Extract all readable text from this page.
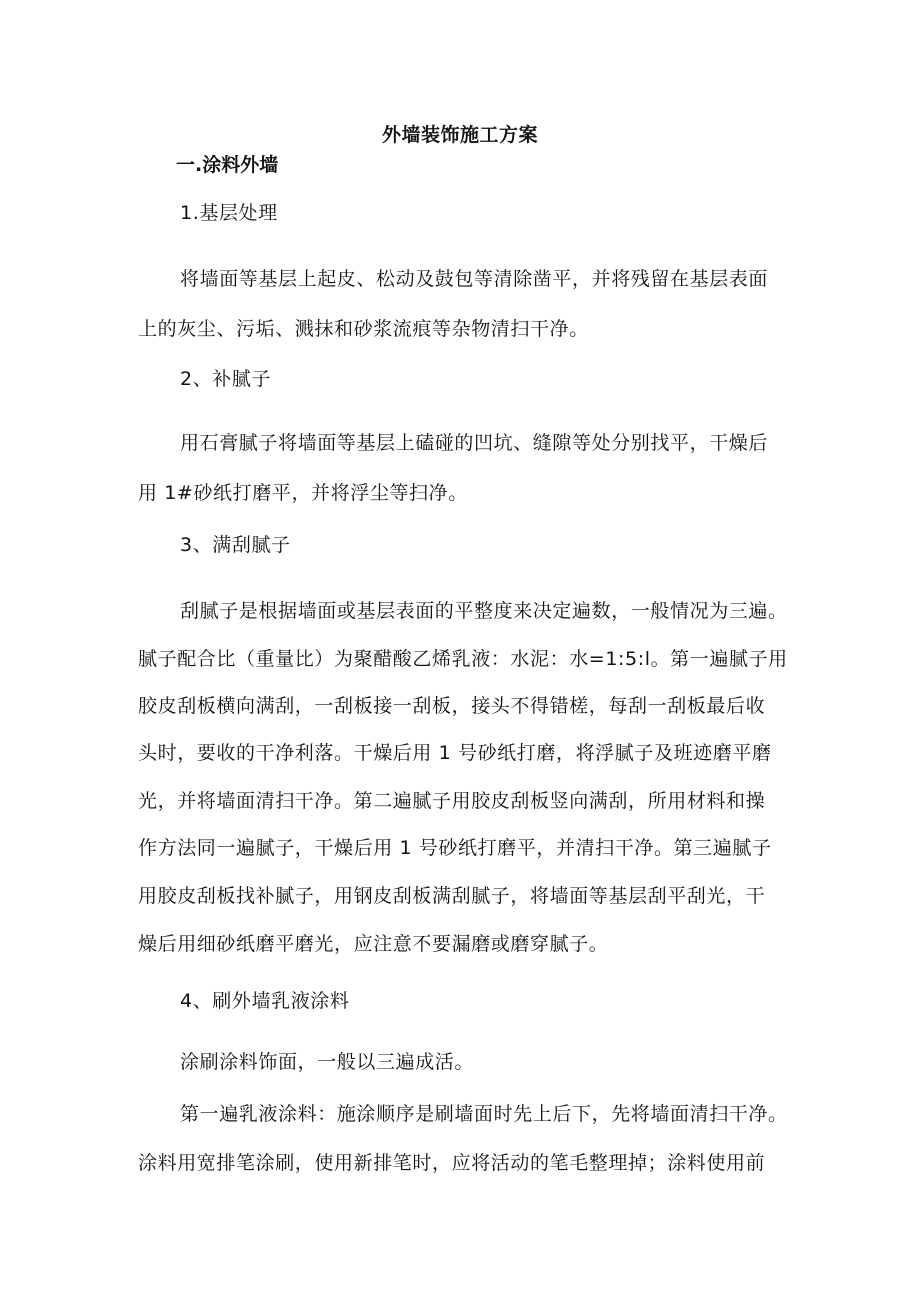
外墙装饰施工方案
一.涂料外墙
1.基层处理
将墙面等基层上起皮、松动及鼓包等清除凿平，并将残留在基层表面
上的灰尘、污垢、溅抹和砂浆流痕等杂物清扫干净。
2、补腻子
用石膏腻子将墙面等基层上磕碰的凹坑、缝隙等处分别找平，干燥后
用 1#砂纸打磨平，并将浮尘等扫净。
3、满刮腻子
刮腻子是根据墙面或基层表面的平整度来决定遍数，一般情况为三遍。
腻子配合比（重量比）为聚醋酸乙烯乳液：水泥：水=1:5:l。第一遍腻子用
胶皮刮板横向满刮，一刮板接一刮板，接头不得错槎，每刮一刮板最后收
头时，要收的干净利落。干燥后用 1 号砂纸打磨，将浮腻子及班迹磨平磨
光，并将墙面清扫干净。第二遍腻子用胶皮刮板竖向满刮，所用材料和操
作方法同一遍腻子，干燥后用 1 号砂纸打磨平，并清扫干净。第三遍腻子
用胶皮刮板找补腻子，用钢皮刮板满刮腻子，将墙面等基层刮平刮光，干
燥后用细砂纸磨平磨光，应注意不要漏磨或磨穿腻子。
4、刷外墙乳液涂料
涂刷涂料饰面，一般以三遍成活。
第一遍乳液涂料：施涂顺序是刷墙面时先上后下，先将墙面清扫干净。
涂料用宽排笔涂刷，使用新排笔时，应将活动的笔毛整理掉；涂料使用前
